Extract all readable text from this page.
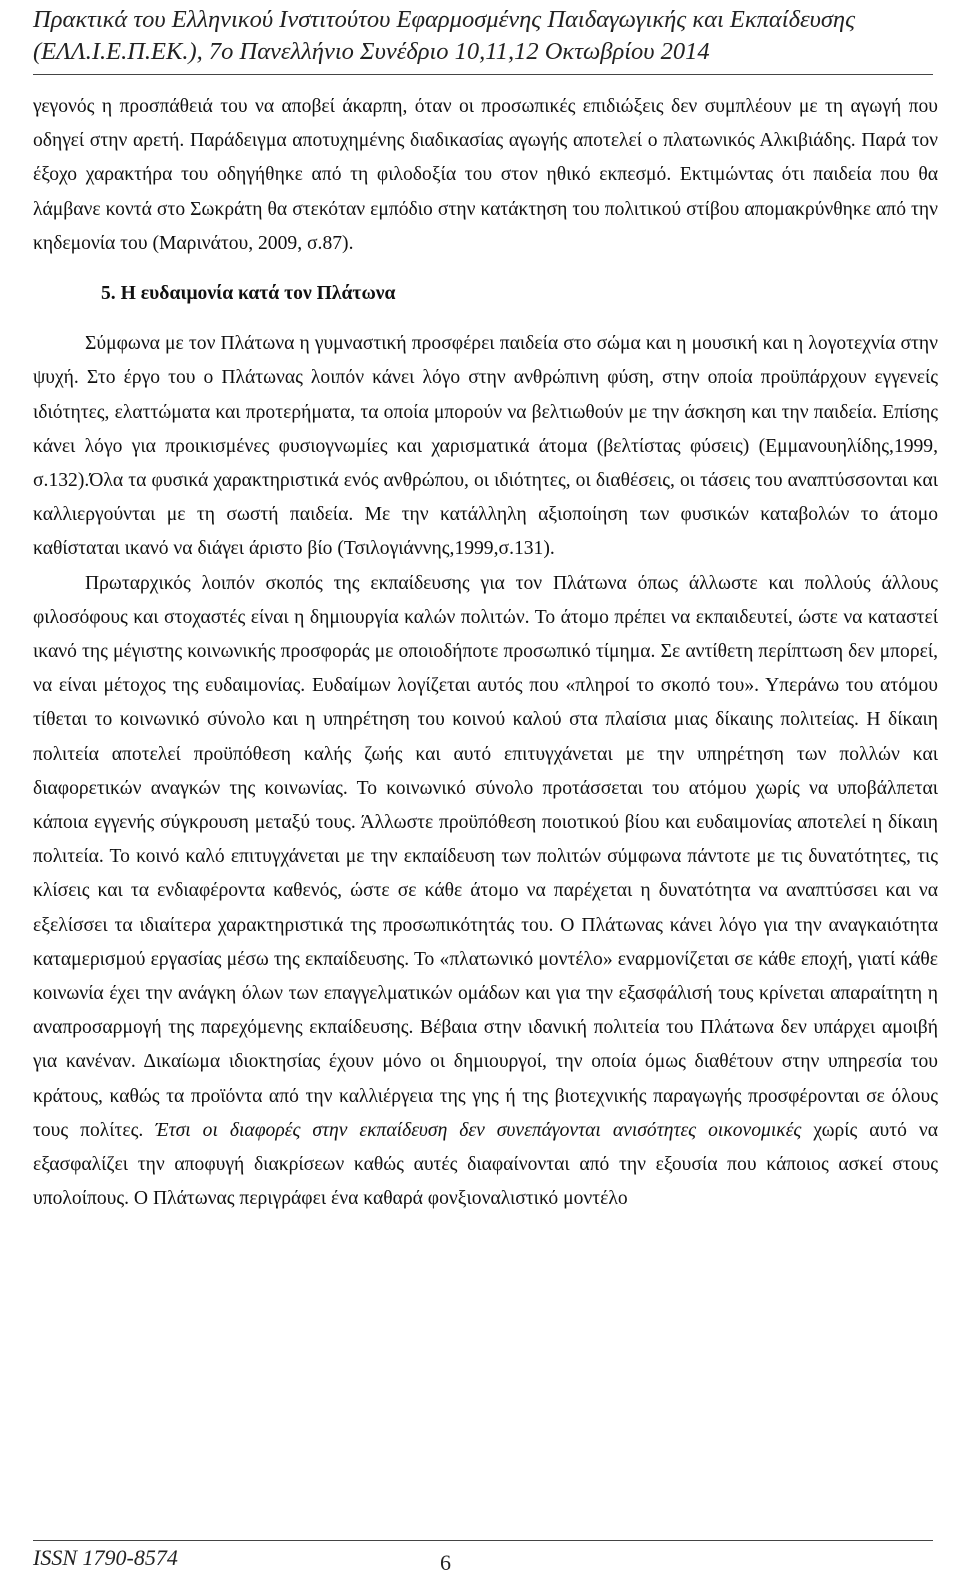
Πρακτικά του Ελληνικού Ινστιτούτου Εφαρμοσμένης Παιδαγωγικής και Εκπαίδευσης
(ΕΛΛ.Ι.Ε.Π.ΕΚ.), 7ο Πανελλήνιο Συνέδριο 10,11,12 Οκτωβρίου 2014

γεγονός η προσπάθειά του να αποβεί άκαρπη, όταν οι προσωπικές επιδιώξεις δεν συμπλέουν με τη αγωγή που οδηγεί στην αρετή. Παράδειγμα αποτυχημένης διαδικασίας αγωγής αποτελεί ο πλατωνικός Αλκιβιάδης. Παρά τον έξοχο χαρακτήρα του οδηγήθηκε από τη φιλοδοξία του στον ηθικό εκπεσμό. Εκτιμώντας ότι παιδεία που θα λάμβανε κοντά στο Σωκράτη θα στεκόταν εμπόδιο στην κατάκτηση του πολιτικού στίβου απομακρύνθηκε από την κηδεμονία του (Μαρινάτου, 2009, σ.87).

5. Η ευδαιμονία κατά τον Πλάτωνα

Σύμφωνα με τον Πλάτωνα η γυμναστική προσφέρει παιδεία στο σώμα και η μουσική και η λογοτεχνία στην ψυχή. Στο έργο του ο Πλάτωνας λοιπόν κάνει λόγο στην ανθρώπινη φύση, στην οποία προϋπάρχουν εγγενείς ιδιότητες, ελαττώματα και προτερήματα, τα οποία μπορούν να βελτιωθούν με την άσκηση και την παιδεία. Επίσης κάνει λόγο για προικισμένες φυσιογνωμίες και χαρισματικά άτομα (βελτίστας φύσεις) (Εμμανουηλίδης,1999, σ.132).Όλα τα φυσικά χαρακτηριστικά ενός ανθρώπου, οι ιδιότητες, οι διαθέσεις, οι τάσεις του αναπτύσσονται και καλλιεργούνται με τη σωστή παιδεία. Με την κατάλληλη αξιοποίηση των φυσικών καταβολών το άτομο καθίσταται ικανό να διάγει άριστο βίο (Τσιλογιάννης,1999,σ.131).

Πρωταρχικός λοιπόν σκοπός της εκπαίδευσης για τον Πλάτωνα όπως άλλωστε και πολλούς άλλους φιλοσόφους και στοχαστές είναι η δημιουργία καλών πολιτών. Το άτομο πρέπει να εκπαιδευτεί, ώστε να καταστεί ικανό της μέγιστης κοινωνικής προσφοράς με οποιοδήποτε προσωπικό τίμημα. Σε αντίθετη περίπτωση δεν μπορεί, να είναι μέτοχος της ευδαιμονίας. Ευδαίμων λογίζεται αυτός που «πληροί το σκοπό του». Υπεράνω του ατόμου τίθεται το κοινωνικό σύνολο και η υπηρέτηση του κοινού καλού στα πλαίσια μιας δίκαιης πολιτείας. Η δίκαιη πολιτεία αποτελεί προϋπόθεση καλής ζωής και αυτό επιτυγχάνεται με την υπηρέτηση των πολλών και διαφορετικών αναγκών της κοινωνίας. Το κοινωνικό σύνολο προτάσσεται του ατόμου χωρίς να υποβάλπεται κάποια εγγενής σύγκρουση μεταξύ τους. Άλλωστε προϋπόθεση ποιοτικού βίου και ευδαιμονίας αποτελεί η δίκαιη πολιτεία. Το κοινό καλό επιτυγχάνεται με την εκπαίδευση των πολιτών σύμφωνα πάντοτε με τις δυνατότητες, τις κλίσεις και τα ενδιαφέροντα καθενός, ώστε σε κάθε άτομο να παρέχεται η δυνατότητα να αναπτύσσει και να εξελίσσει τα ιδιαίτερα χαρακτηριστικά της προσωπικότητάς του. Ο Πλάτωνας κάνει λόγο για την αναγκαιότητα καταμερισμού εργασίας μέσω της εκπαίδευσης. Το «πλατωνικό μοντέλο» εναρμονίζεται σε κάθε εποχή, γιατί κάθε κοινωνία έχει την ανάγκη όλων των επαγγελματικών ομάδων και για την εξασφάλισή τους κρίνεται απαραίτητη η αναπροσαρμογή της παρεχόμενης εκπαίδευσης. Βέβαια στην ιδανική πολιτεία του Πλάτωνα δεν υπάρχει αμοιβή για κανέναν. Δικαίωμα ιδιοκτησίας έχουν μόνο οι δημιουργοί, την οποία όμως διαθέτουν στην υπηρεσία του κράτους, καθώς τα προϊόντα από την καλλιέργεια της γης ή της βιοτεχνικής παραγωγής προσφέρονται σε όλους τους πολίτες. Έτσι οι διαφορές στην εκπαίδευση δεν συνεπάγονται ανισότητες οικονομικές χωρίς αυτό να εξασφαλίζει την αποφυγή διακρίσεων καθώς αυτές διαφαίνονται από την εξουσία που κάποιος ασκεί στους υπολοίπους. Ο Πλάτωνας περιγράφει ένα καθαρά φονξιοναλιστικό μοντέλο

ISSN 1790-8574	6
